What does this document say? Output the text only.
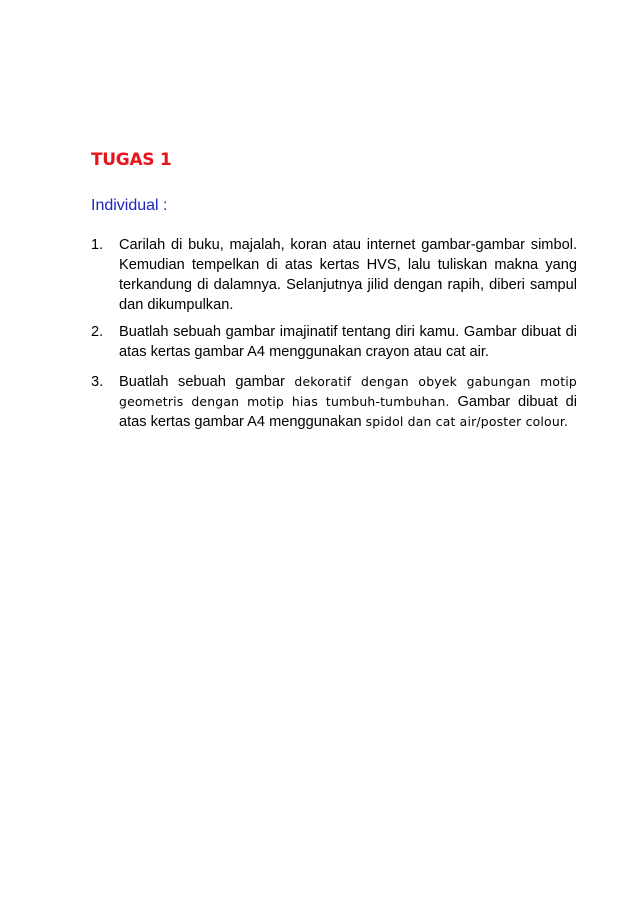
TUGAS 1
Individual :
1.	Carilah di buku, majalah, koran atau internet gambar-gambar simbol. Kemudian tempelkan di atas kertas HVS, lalu tuliskan makna yang terkandung di dalamnya. Selanjutnya jilid dengan rapih, diberi sampul dan dikumpulkan.
2.	Buatlah sebuah gambar imajinatif tentang diri kamu. Gambar dibuat di atas kertas gambar A4 menggunakan crayon atau cat air.
3.	Buatlah sebuah gambar dekoratif dengan obyek gabungan motip geometris dengan motip hias tumbuh-tumbuhan. Gambar dibuat di atas kertas gambar A4 menggunakan spidol dan cat air/poster colour.
